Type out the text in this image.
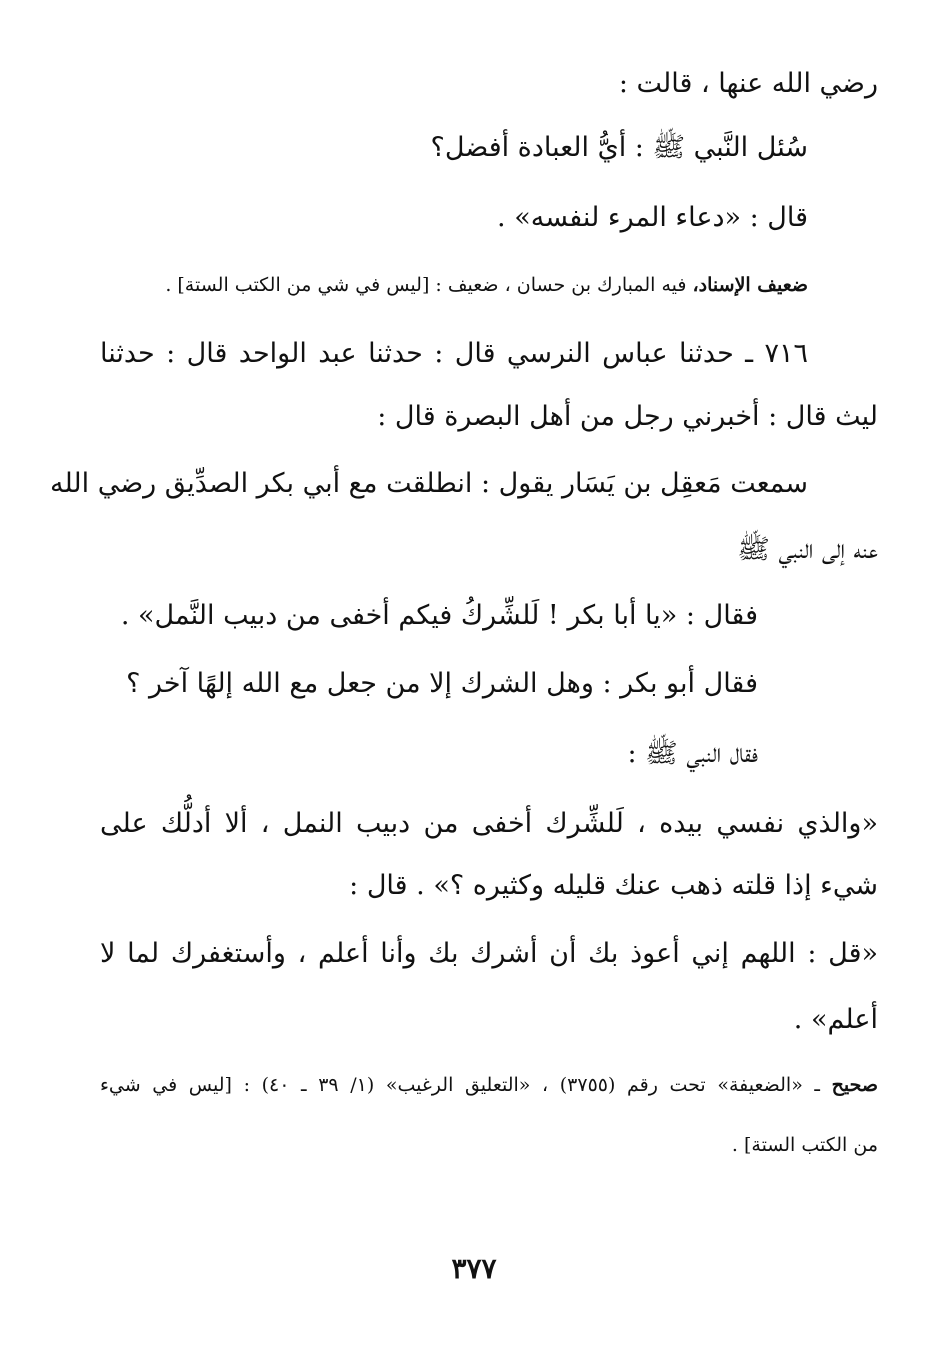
رضي الله عنها ، قالت :
سُئل النَّبي ﷺ : أيُّ العبادة أفضل؟
قال : «دعاء المرء لنفسه» .
ضعيف الإسناد، فيه المبارك بن حسان ، ضعيف : [ليس في شي من الكتب الستة] .
٧١٦ ـ حدثنا عباس النرسي قال : حدثنا عبد الواحد قال : حدثنا
ليث قال : أخبرني رجل من أهل البصرة قال :
سمعت مَعقِل بن يَسَار يقول : انطلقت مع أبي بكر الصدِّيق رضي الله
عنه إلى النبي ﷺ
فقال : «يا أبا بكر ! لَلشِّركُ فيكم أخفى من دبيب النَّمل» .
فقال أبو بكر : وهل الشرك إلا من جعل مع الله إلهًا آخر ؟
فقال النبي ﷺ :
«والذي نفسي بيده ، لَلشِّرك أخفى من دبيب النمل ، ألا أدلُّك على
شيء إذا قلته ذهب عنك قليله وكثيره ؟» . قال :
«قل : اللهم إني أعوذ بك أن أشرك بك وأنا أعلم ، وأستغفرك لما لا
أعلم» .
صحيح ـ «الضعيفة» تحت رقم (٣٧٥٥) ، «التعليق الرغيب» (١/ ٣٩ ـ ٤٠) : [ليس في شيء
من الكتب الستة] .
٣٧٧
